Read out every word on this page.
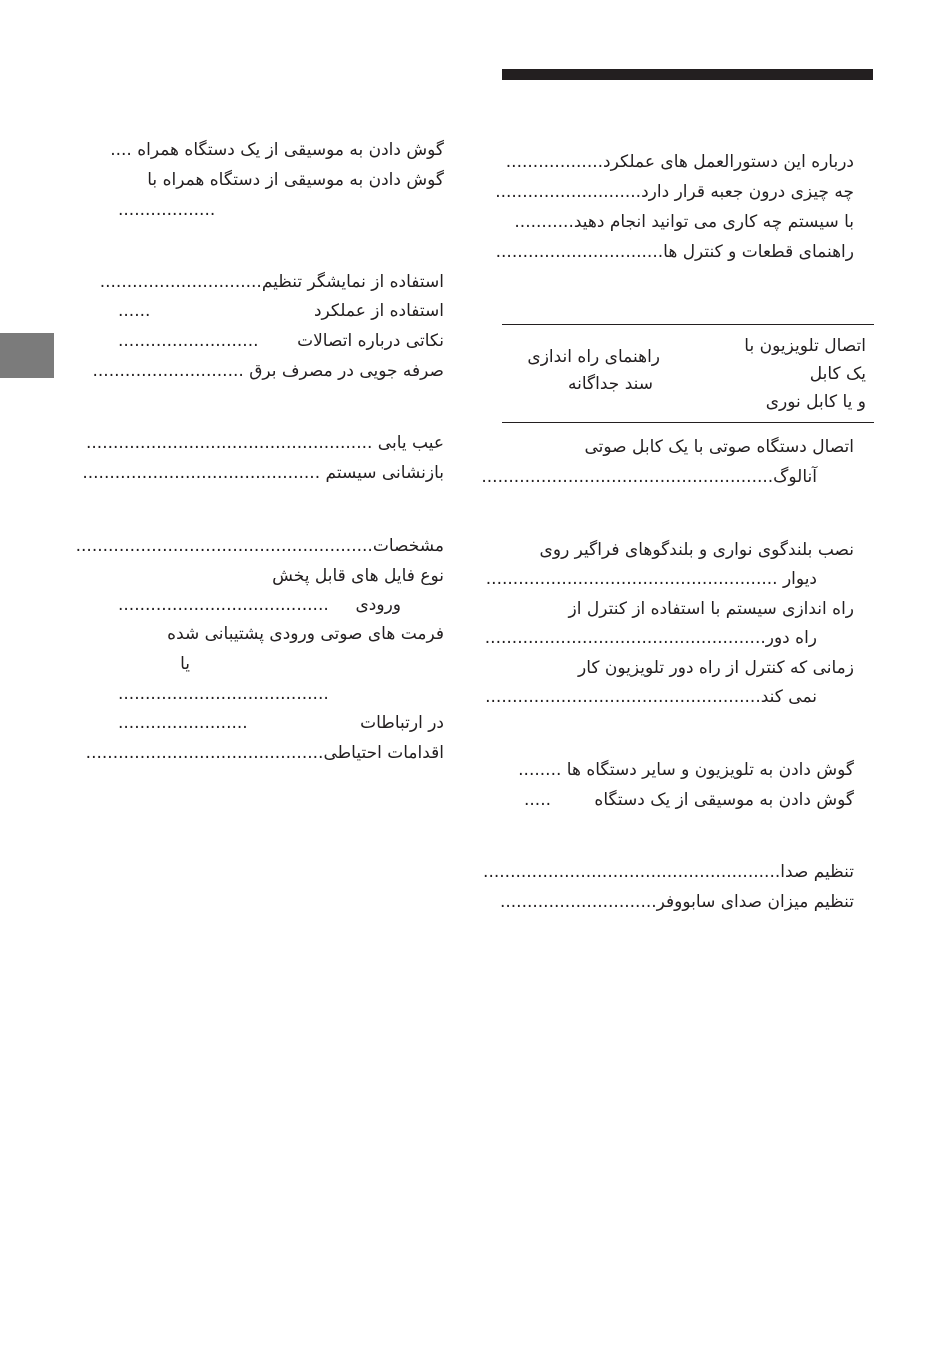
درباره این دستورالعمل های عملکرد..................
چه چیزی درون جعبه قرار دارد...........................
با سیستم چه کاری می توانید انجام دهید...........
راهنمای قطعات و کنترل ها...............................
راهنمای راه اندازی
سند جداگانه
اتصال تلویزیون با
یک کابل
و یا کابل نوری
اتصال دستگاه صوتی با یک کابل صوتی
آنالوگ......................................................
نصب بلندگوی نواری و بلندگوهای فراگیر روی
دیوار ......................................................
راه اندازی سیستم با استفاده از کنترل از
راه دور....................................................
زمانی که کنترل از راه دور تلویزیون کار
نمی کند...................................................
گوش دادن به تلویزیون و سایر دستگاه ها ........
گوش دادن به موسیقی از یک دستگاه
.....
تنظیم صدا.......................................................
تنظیم میزان صدای سابووفر.............................
گوش دادن به موسیقی از یک دستگاه همراه ....
گوش دادن به موسیقی از دستگاه همراه با
..................
استفاده از نمایشگر تنظیم..............................
استفاده از عملکرد
......
نکاتی درباره اتصالات
..........................
صرفه جویی در مصرف برق ............................
عیب یابی .....................................................
بازنشانی سیستم ............................................
مشخصات.......................................................
نوع فایل های قابل پخش
ورودی
.......................................
فرمت های صوتی ورودی پشتیبانی شده
یا
.......................................
در ارتباطات
........................
اقدامات احتیاطی............................................
